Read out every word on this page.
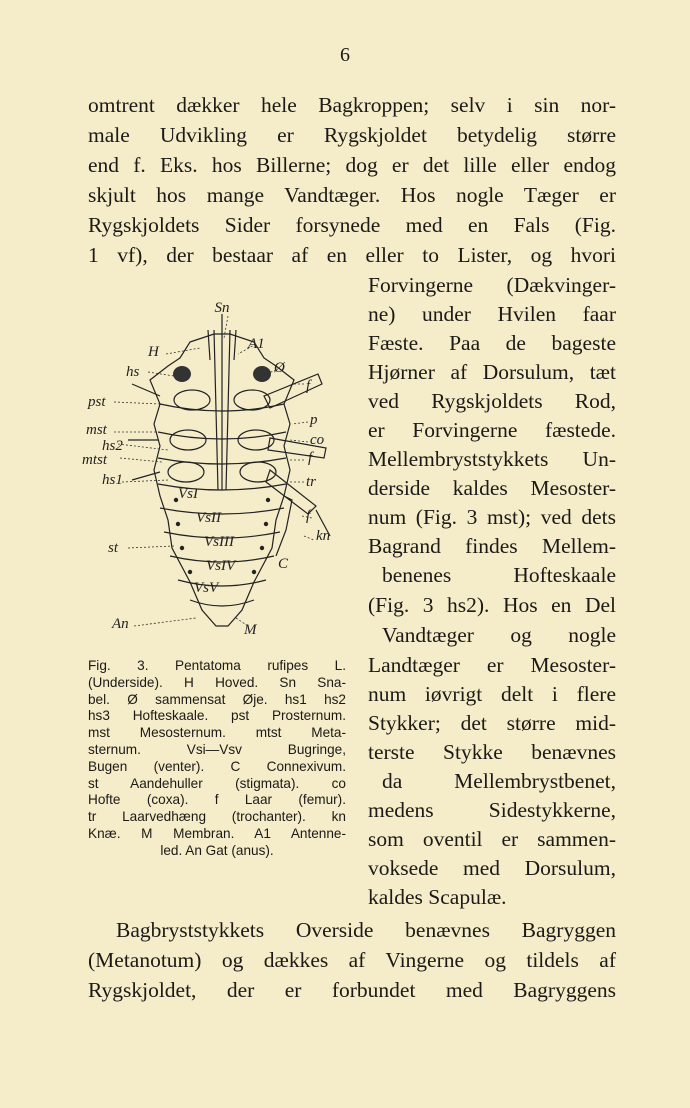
6
omtrent dækker hele Bagkroppen; selv i sin nor-
male Udvikling er Rygskjoldet betydelig større
end f. Eks. hos Billerne; dog er det lille eller endog
skjult hos mange Vandtæger. Hos nogle Tæger er
Rygskjoldets Sider forsynede med en Fals (Fig.
1 vf), der bestaar af en eller to Lister, og hvori
Forvingerne (Dækvinger-
ne) under Hvilen faar
Fæste. Paa de bageste
Hjørner af Dorsulum, tæt
ved Rygskjoldets Rod,
er Forvingerne fæstede.
Mellembryststykkets Un-
derside kaldes Mesoster-
num (Fig. 3 mst); ved dets
Bagrand findes Mellem-
benenes Hofteskaale
(Fig. 3 hs2). Hos en Del
Vandtæger og nogle
Landtæger er Mesoster-
num iøvrigt delt i flere
Stykker; det større mid-
terste Stykke benævnes
da Mellembrystbenet,
medens Sidestykkerne,
som oventil er sammen-
voksede med Dorsulum,
kaldes Scapulæ.
Sn
H	A1
Ø
hs
pst
f
p
mst
co
hs2
mtst	f
hs1	tr
VsI
VsII	f
kn
st	VsIII
C
VsIV
VsV
An	M
Fig. 3. Pentatoma rufipes L.
(Underside). H Hoved. Sn Sna-
bel. Ø sammensat Øje. hs1 hs2
hs3 Hofteskaale. pst Prosternum.
mst Mesosternum. mtst Meta-
sternum. Vsi—Vsv Bugringe,
Bugen (venter). C Connexivum.
st Aandehuller (stigmata). co
Hofte (coxa). f Laar (femur).
tr Laarvedhæng (trochanter). kn
Knæ. M Membran. A1 Antenne-
led. An Gat (anus).
Bagbryststykkets Overside benævnes Bagryggen
(Metanotum) og dækkes af Vingerne og tildels af
Rygskjoldet, der er forbundet med Bagryggens
